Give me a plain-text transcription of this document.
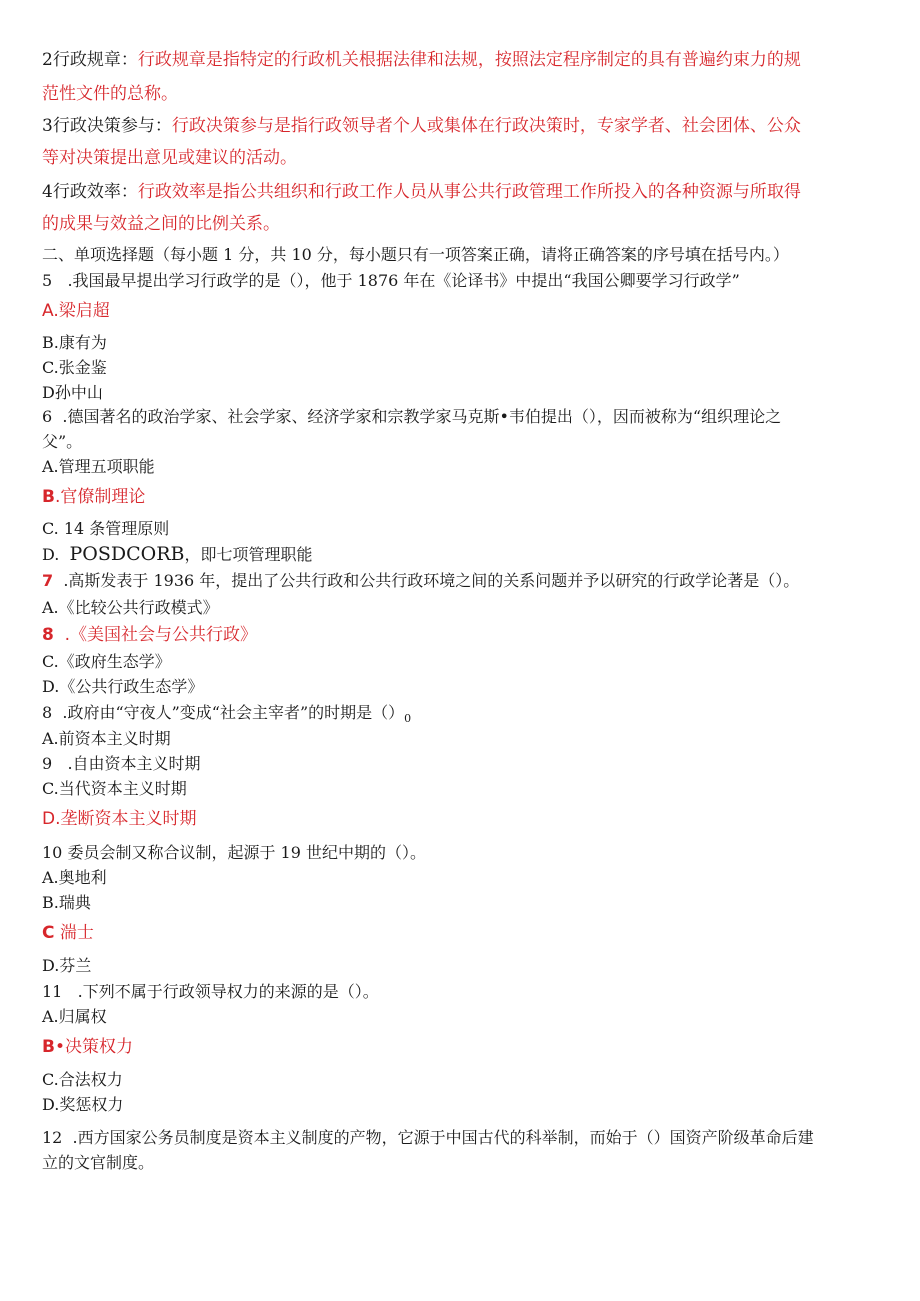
2行政规章：行政规章是指特定的行政机关根据法律和法规，按照法定程序制定的具有普遍约束力的规
范性文件的总称。
3行政决策参与：行政决策参与是指行政领导者个人或集体在行政决策时，专家学者、社会团体、公众
等对决策提出意见或建议的活动。
4行政效率：行政效率是指公共组织和行政工作人员从事公共行政管理工作所投入的各种资源与所取得
的成果与效益之间的比例关系。
二、单项选择题（每小题 1 分，共 10 分，每小题只有一项答案正确，请将正确答案的序号填在括号内。）
5 .我国最早提出学习行政学的是（），他于 1876 年在《论译书》中提出“我国公卿要学习行政学”
A.梁启超
B.康有为
C.张金鉴
D孙中山
6 .德国著名的政治学家、社会学家、经济学家和宗教学家马克斯•韦伯提出（），因而被称为“组织理论之
父”。
A.管理五项职能
B.官僚制理论
C. 14 条管理原则
D. POSDCORB，即七项管理职能
7 .高斯发表于 1936 年，提出了公共行政和公共行政环境之间的关系问题并予以研究的行政学论著是（）。
A.《比较公共行政模式》
8 .《美国社会与公共行政》
C.《政府生态学》
D.《公共行政生态学》
8 .政府由“守夜人”变成“社会主宰者”的时期是$()_0$
A.前资本主义时期
9 .自由资本主义时期
C.当代资本主义时期
D.垄断资本主义时期
10 委员会制又称合议制，起源于 19 世纪中期的（）。
A.奥地利
B.瑞典
C 湍士
D.芬兰
11 .下列不属于行政领导权力的来源的是（）。
A.归属权
B•决策权力
C.合法权力
D.奖惩权力
12 .西方国家公务员制度是资本主义制度的产物，它源于中国古代的科举制，而始于（）国资产阶级革命后建
立的文官制度。
